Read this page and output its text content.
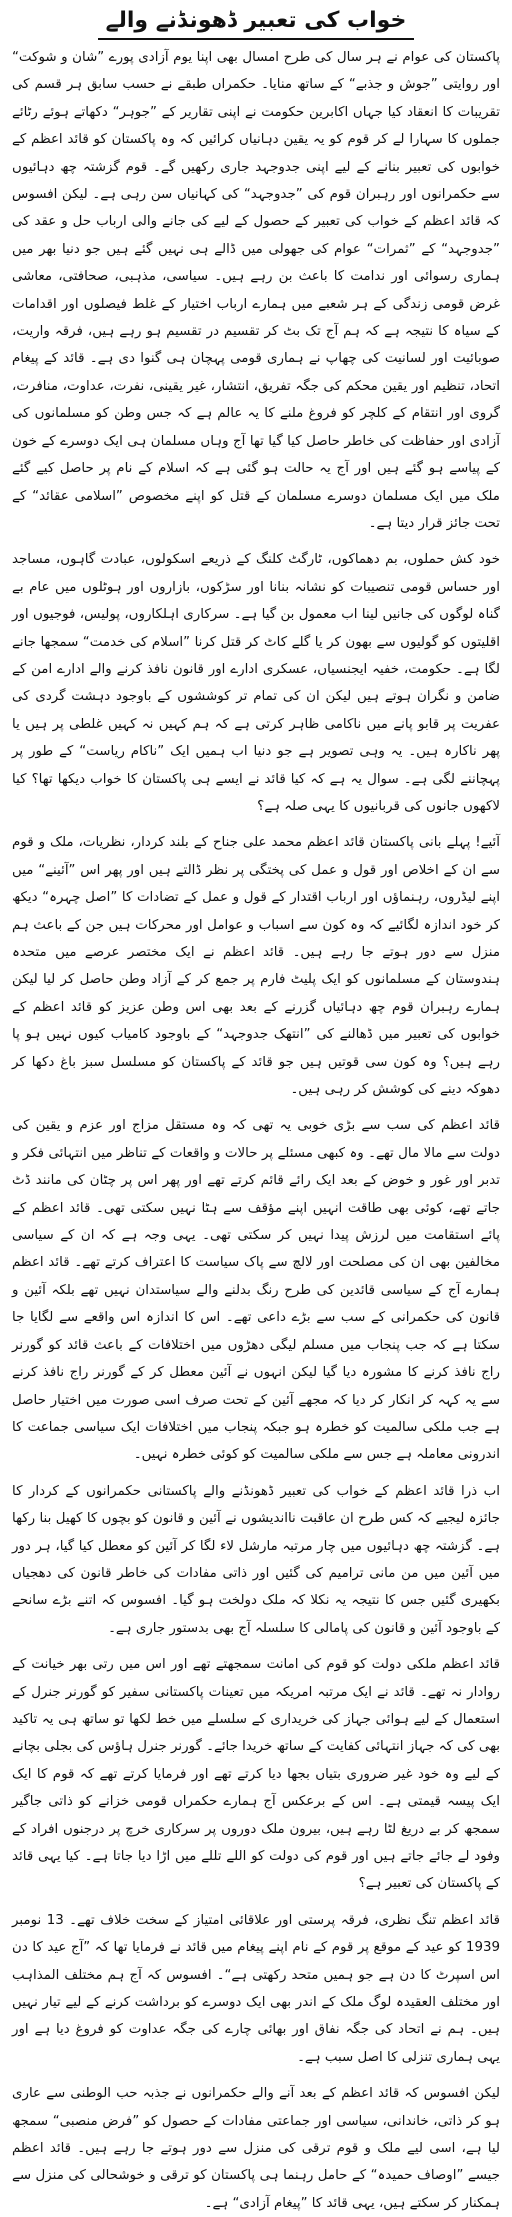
خواب کی تعبیر ڈھونڈنے والے

پاکستان کی عوام نے ہر سال کی طرح امسال بھی اپنا یوم آزادی پورے ”شان و شوکت“ اور روایتی ”جوش و جذبے“ کے ساتھ منایا۔ حکمراں طبقے نے حسب سابق ہر قسم کی تقریبات کا انعقاد کیا جہاں اکابرین حکومت نے اپنی تقاریر کے ”جوہر“ دکھاتے ہوئے رٹائے جملوں کا سہارا لے کر قوم کو یہ یقین دہانیاں کرائیں کہ وہ پاکستان کو قائد اعظم کے خوابوں کی تعبیر بنانے کے لیے اپنی جدوجہد جاری رکھیں گے۔ قوم گزشتہ چھ دہائیوں سے حکمرانوں اور رہبران قوم کی ”جدوجہد“ کی کہانیاں سن رہی ہے۔ لیکن افسوس کہ قائد اعظم کے خواب کی تعبیر کے حصول کے لیے کی جانے والی ارباب حل و عقد کی ”جدوجہد“ کے ”ثمرات“ عوام کی جھولی میں ڈالے ہی نہیں گئے ہیں جو دنیا بھر میں ہماری رسوائی اور ندامت کا باعث بن رہے ہیں۔ سیاسی، مذہبی، صحافتی، معاشی غرض قومی زندگی کے ہر شعبے میں ہمارے ارباب اختیار کے غلط فیصلوں اور اقدامات کے سیاہ کا نتیجہ ہے کہ ہم آج تک بٹ کر تقسیم در تقسیم ہو رہے ہیں، فرقہ واریت، صوبائیت اور لسانیت کی چھاپ نے ہماری قومی پہچان ہی گنوا دی ہے۔ قائد کے پیغام اتحاد، تنظیم اور یقین محکم کی جگہ تفریق، انتشار، غیر یقینی، نفرت، عداوت، منافرت، گروی اور انتقام کے کلچر کو فروغ ملنے کا یہ عالم ہے کہ جس وطن کو مسلمانوں کی آزادی اور حفاظت کی خاطر حاصل کیا گیا تھا آج وہاں مسلمان ہی ایک دوسرے کے خون کے پیاسے ہو گئے ہیں اور آج یہ حالت ہو گئی ہے کہ اسلام کے نام پر حاصل کیے گئے ملک میں ایک مسلمان دوسرے مسلمان کے قتل کو اپنے مخصوص ”اسلامی عقائد“ کے تحت جائز قرار دیتا ہے۔

خود کش حملوں، بم دھماکوں، ٹارگٹ کلنگ کے ذریعے اسکولوں، عبادت گاہوں، مساجد اور حساس قومی تنصیبات کو نشانہ بنانا اور سڑکوں، بازاروں اور ہوٹلوں میں عام بے گناہ لوگوں کی جانیں لینا اب معمول بن گیا ہے۔ سرکاری اہلکاروں، پولیس، فوجیوں اور اقلیتوں کو گولیوں سے بھون کر یا گلے کاٹ کر قتل کرنا ”اسلام کی خدمت“ سمجھا جانے لگا ہے۔ حکومت، خفیہ ایجنسیاں، عسکری ادارے اور قانون نافذ کرنے والے ادارے امن کے ضامن و نگران ہوتے ہیں لیکن ان کی تمام تر کوششوں کے باوجود دہشت گردی کی عفریت پر قابو پانے میں ناکامی ظاہر کرتی ہے کہ ہم کہیں نہ کہیں غلطی پر ہیں یا پھر ناکارہ ہیں۔ یہ وہی تصویر ہے جو دنیا اب ہمیں ایک ”ناکام ریاست“ کے طور پر پہچاننے لگی ہے۔ سوال یہ ہے کہ کیا قائد نے ایسے ہی پاکستان کا خواب دیکھا تھا؟ کیا لاکھوں جانوں کی قربانیوں کا یہی صلہ ہے؟

آئیے! پہلے بانی پاکستان قائد اعظم محمد علی جناح کے بلند کردار، نظریات، ملک و قوم سے ان کے اخلاص اور قول و عمل کی پختگی پر نظر ڈالتے ہیں اور پھر اس ”آئینے“ میں اپنے لیڈروں، رہنماؤں اور ارباب اقتدار کے قول و عمل کے تضادات کا ”اصل چہرہ“ دیکھ کر خود اندازہ لگائیے کہ وہ کون سے اسباب و عوامل اور محرکات ہیں جن کے باعث ہم منزل سے دور ہوتے جا رہے ہیں۔ قائد اعظم نے ایک مختصر عرصے میں متحدہ ہندوستان کے مسلمانوں کو ایک پلیٹ فارم پر جمع کر کے آزاد وطن حاصل کر لیا لیکن ہمارے رہبران قوم چھ دہائیاں گزرنے کے بعد بھی اس وطن عزیز کو قائد اعظم کے خوابوں کی تعبیر میں ڈھالنے کی ”انتھک جدوجہد“ کے باوجود کامیاب کیوں نہیں ہو پا رہے ہیں؟ وہ کون سی قوتیں ہیں جو قائد کے پاکستان کو مسلسل سبز باغ دکھا کر دھوکہ دینے کی کوشش کر رہی ہیں۔

قائد اعظم کی سب سے بڑی خوبی یہ تھی کہ وہ مستقل مزاج اور عزم و یقین کی دولت سے مالا مال تھے۔ وہ کبھی مسئلے پر حالات و واقعات کے تناظر میں انتہائی فکر و تدبر اور غور و خوض کے بعد ایک رائے قائم کرتے تھے اور پھر اس پر چٹان کی مانند ڈٹ جاتے تھے، کوئی بھی طاقت انہیں اپنے مؤقف سے ہٹا نہیں سکتی تھی۔ قائد اعظم کے پائے استقامت میں لرزش پیدا نہیں کر سکتی تھی۔ یہی وجہ ہے کہ ان کے سیاسی مخالفین بھی ان کی مصلحت اور لالچ سے پاک سیاست کا اعتراف کرتے تھے۔ قائد اعظم ہمارے آج کے سیاسی قائدین کی طرح رنگ بدلنے والے سیاستدان نہیں تھے بلکہ آئین و قانون کی حکمرانی کے سب سے بڑے داعی تھے۔ اس کا اندازہ اس واقعے سے لگایا جا سکتا ہے کہ جب پنجاب میں مسلم لیگی دھڑوں میں اختلافات کے باعث قائد کو گورنر راج نافذ کرنے کا مشورہ دیا گیا لیکن انہوں نے آئین معطل کر کے گورنر راج نافذ کرنے سے یہ کہہ کر انکار کر دیا کہ مجھے آئین کے تحت صرف اسی صورت میں اختیار حاصل ہے جب ملکی سالمیت کو خطرہ ہو جبکہ پنجاب میں اختلافات ایک سیاسی جماعت کا اندرونی معاملہ ہے جس سے ملکی سالمیت کو کوئی خطرہ نہیں۔

اب ذرا قائد اعظم کے خواب کی تعبیر ڈھونڈنے والے پاکستانی حکمرانوں کے کردار کا جائزہ لیجیے کہ کس طرح ان عاقبت نااندیشوں نے آئین و قانون کو بچوں کا کھیل بنا رکھا ہے۔ گزشتہ چھ دہائیوں میں چار مرتبہ مارشل لاء لگا کر آئین کو معطل کیا گیا، ہر دور میں آئین میں من مانی ترامیم کی گئیں اور ذاتی مفادات کی خاطر قانون کی دھجیاں بکھیری گئیں جس کا نتیجہ یہ نکلا کہ ملک دولخت ہو گیا۔ افسوس کہ اتنے بڑے سانحے کے باوجود آئین و قانون کی پامالی کا سلسلہ آج بھی بدستور جاری ہے۔

قائد اعظم ملکی دولت کو قوم کی امانت سمجھتے تھے اور اس میں رتی بھر خیانت کے روادار نہ تھے۔ قائد نے ایک مرتبہ امریکہ میں تعینات پاکستانی سفیر کو گورنر جنرل کے استعمال کے لیے ہوائی جہاز کی خریداری کے سلسلے میں خط لکھا تو ساتھ ہی یہ تاکید بھی کی کہ جہاز انتہائی کفایت کے ساتھ خریدا جائے۔ گورنر جنرل ہاؤس کی بجلی بچانے کے لیے وہ خود غیر ضروری بتیاں بجھا دیا کرتے تھے اور فرمایا کرتے تھے کہ قوم کا ایک ایک پیسہ قیمتی ہے۔ اس کے برعکس آج ہمارے حکمراں قومی خزانے کو ذاتی جاگیر سمجھ کر بے دریغ لٹا رہے ہیں، بیرون ملک دوروں پر سرکاری خرچ پر درجنوں افراد کے وفود لے جائے جاتے ہیں اور قوم کی دولت کو اللے تللے میں اڑا دیا جاتا ہے۔ کیا یہی قائد کے پاکستان کی تعبیر ہے؟

قائد اعظم تنگ نظری، فرقہ پرستی اور علاقائی امتیاز کے سخت خلاف تھے۔ 13 نومبر 1939 کو عید کے موقع پر قوم کے نام اپنے پیغام میں قائد نے فرمایا تھا کہ ”آج عید کا دن اس اسپرٹ کا دن ہے جو ہمیں متحد رکھتی ہے“۔ افسوس کہ آج ہم مختلف المذاہب اور مختلف العقیدہ لوگ ملک کے اندر بھی ایک دوسرے کو برداشت کرنے کے لیے تیار نہیں ہیں۔ ہم نے اتحاد کی جگہ نفاق اور بھائی چارے کی جگہ عداوت کو فروغ دیا ہے اور یہی ہماری تنزلی کا اصل سبب ہے۔

لیکن افسوس کہ قائد اعظم کے بعد آنے والے حکمرانوں نے جذبہ حب الوطنی سے عاری ہو کر ذاتی، خاندانی، سیاسی اور جماعتی مفادات کے حصول کو ”فرض منصبی“ سمجھ لیا ہے، اسی لیے ملک و قوم ترقی کی منزل سے دور ہوتے جا رہے ہیں۔ قائد اعظم جیسے ”اوصاف حمیدہ“ کے حامل رہنما ہی پاکستان کو ترقی و خوشحالی کی منزل سے ہمکنار کر سکتے ہیں، یہی قائد کا ”پیغام آزادی“ ہے۔
